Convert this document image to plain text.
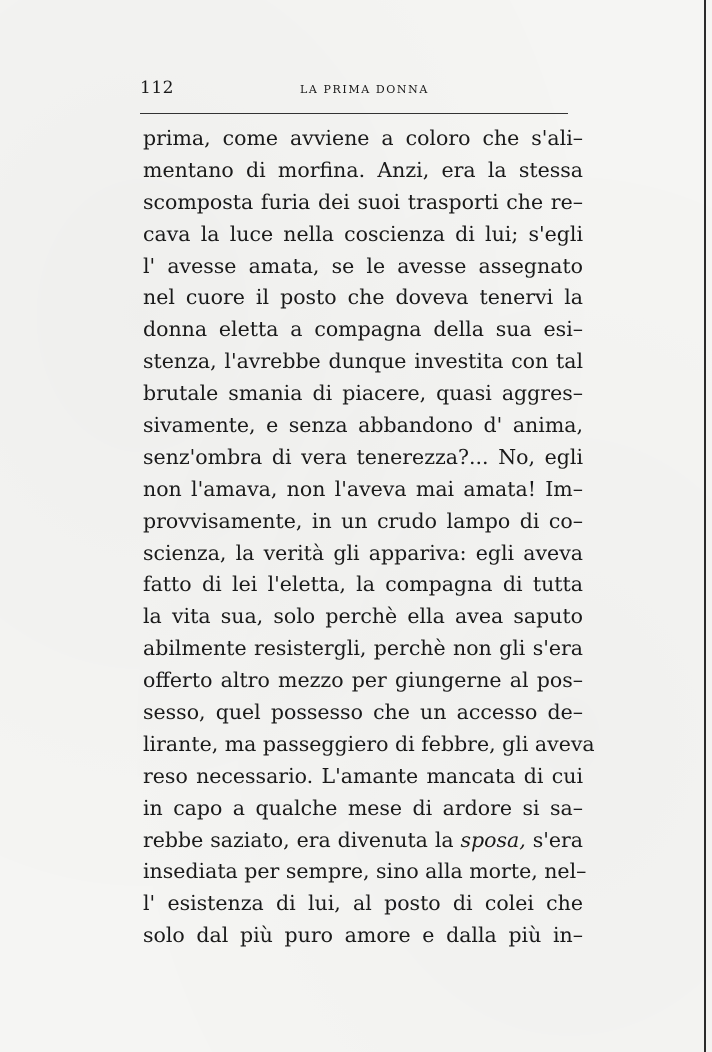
112	LA PRIMA DONNA
prima, come avviene a coloro che s'ali–
mentano di morfina. Anzi, era la stessa
scomposta furia dei suoi trasporti che re–
cava la luce nella coscienza di lui; s'egli
l' avesse amata, se le avesse assegnato
nel cuore il posto che doveva tenervi la
donna eletta a compagna della sua esi–
stenza, l'avrebbe dunque investita con tal
brutale smania di piacere, quasi aggres–
sivamente, e senza abbandono d' anima,
senz'ombra di vera tenerezza?... No, egli
non l'amava, non l'aveva mai amata! Im–
provvisamente, in un crudo lampo di co–
scienza, la verità gli appariva: egli aveva
fatto di lei l'eletta, la compagna di tutta
la vita sua, solo perchè ella avea saputo
abilmente resistergli, perchè non gli s'era
offerto altro mezzo per giungerne al pos–
sesso, quel possesso che un accesso de–
lirante, ma passeggiero di febbre, gli aveva
reso necessario. L'amante mancata di cui
in capo a qualche mese di ardore si sa–
rebbe saziato, era divenuta la sposa, s'era
insediata per sempre, sino alla morte, nel–
l' esistenza di lui, al posto di colei che
solo dal più puro amore e dalla più in–
